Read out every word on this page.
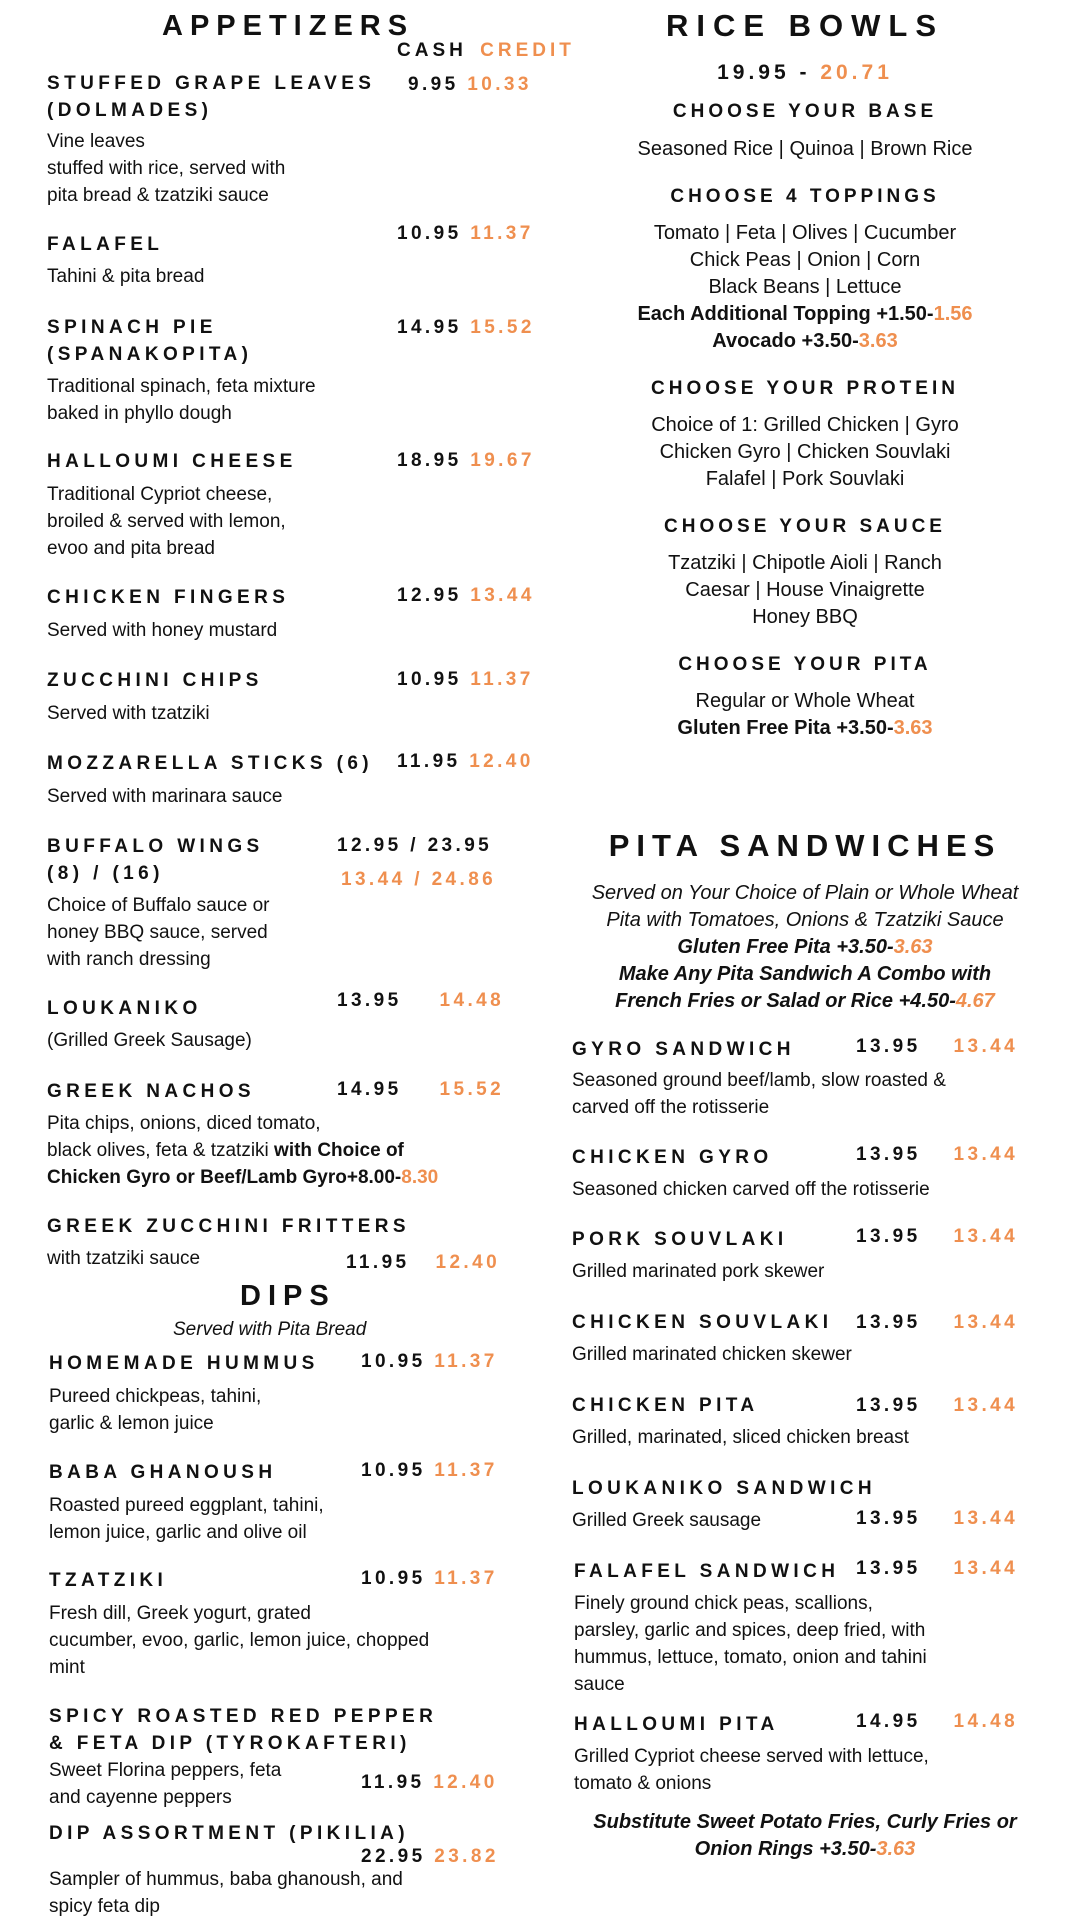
APPETIZERS
CASH CREDIT
STUFFED GRAPE LEAVES
(DOLMADES)
9.95 10.33
Vine leaves
stuffed with rice, served with
pita bread & tzatziki sauce
FALAFEL
10.95 11.37
Tahini & pita bread
SPINACH PIE
(SPANAKOPITA)
14.95 15.52
Traditional spinach, feta mixture
baked in phyllo dough
HALLOUMI CHEESE	18.95 19.67
Traditional Cypriot cheese,
broiled & served with lemon,
evoo and pita bread
CHICKEN FINGERS	12.95 13.44
Served with honey mustard
ZUCCHINI CHIPS	10.95 11.37
Served with tzatziki
MOZZARELLA STICKS (6) 11.95 12.40
Served with marinara sauce
BUFFALO WINGS
(8) / (16)
12.95 / 23.95
13.44 / 24.86
Choice of Buffalo sauce or
honey BBQ sauce, served
with ranch dressing
LOUKANIKO	13.95 14.48
(Grilled Greek Sausage)
GREEK NACHOS	14.95 15.52
Pita chips, onions, diced tomato,
black olives, feta & tzatziki with Choice of
Chicken Gyro or Beef/Lamb Gyro+8.00-8.30
GREEK ZUCCHINI FRITTERS
with tzatziki sauce	11.95 12.40
DIPS
Served with Pita Bread
HOMEMADE HUMMUS 10.95 11.37
Pureed chickpeas, tahini,
garlic & lemon juice
BABA GHANOUSH	10.95 11.37
Roasted pureed eggplant, tahini,
lemon juice, garlic and olive oil
TZATZIKI	10.95 11.37
Fresh dill, Greek yogurt, grated
cucumber, evoo, garlic, lemon juice, chopped
mint
SPICY ROASTED RED PEPPER
& FETA DIP (TYROKAFTERI)
Sweet Florina peppers, feta
and cayenne peppers
11.95 12.40
DIP ASSORTMENT (PIKILIA)
22.95 23.82
Sampler of hummus, baba ghanoush, and
spicy feta dip
RICE BOWLS
19.95 - 20.71
CHOOSE YOUR BASE
Seasoned Rice | Quinoa | Brown Rice
CHOOSE 4 TOPPINGS
Tomato | Feta | Olives | Cucumber
Chick Peas | Onion | Corn
Black Beans | Lettuce
Each Additional Topping +1.50-1.56
Avocado +3.50-3.63
CHOOSE YOUR PROTEIN
Choice of 1: Grilled Chicken | Gyro
Chicken Gyro | Chicken Souvlaki
Falafel | Pork Souvlaki
CHOOSE YOUR SAUCE
Tzatziki | Chipotle Aioli | Ranch
Caesar | House Vinaigrette
Honey BBQ
CHOOSE YOUR PITA
Regular or Whole Wheat
Gluten Free Pita +3.50-3.63
PITA SANDWICHES
Served on Your Choice of Plain or Whole Wheat
Pita with Tomatoes, Onions & Tzatziki Sauce
Gluten Free Pita +3.50-3.63
Make Any Pita Sandwich A Combo with
French Fries or Salad or Rice +4.50-4.67
GYRO SANDWICH	13.95 13.44
Seasoned ground beef/lamb, slow roasted &
carved off the rotisserie
CHICKEN GYRO	13.95 13.44
Seasoned chicken carved off the rotisserie
PORK SOUVLAKI	13.95 13.44
Grilled marinated pork skewer
CHICKEN SOUVLAKI 13.95 13.44
Grilled marinated chicken skewer
CHICKEN PITA	13.95 13.44
Grilled, marinated, sliced chicken breast
LOUKANIKO SANDWICH
Grilled Greek sausage	13.95 13.44
FALAFEL SANDWICH 13.95 13.44
Finely ground chick peas, scallions,
parsley, garlic and spices, deep fried, with
hummus, lettuce, tomato, onion and tahini
sauce
HALLOUMI PITA	14.95 14.48
Grilled Cypriot cheese served with lettuce,
tomato & onions
Substitute Sweet Potato Fries, Curly Fries or
Onion Rings +3.50-3.63
